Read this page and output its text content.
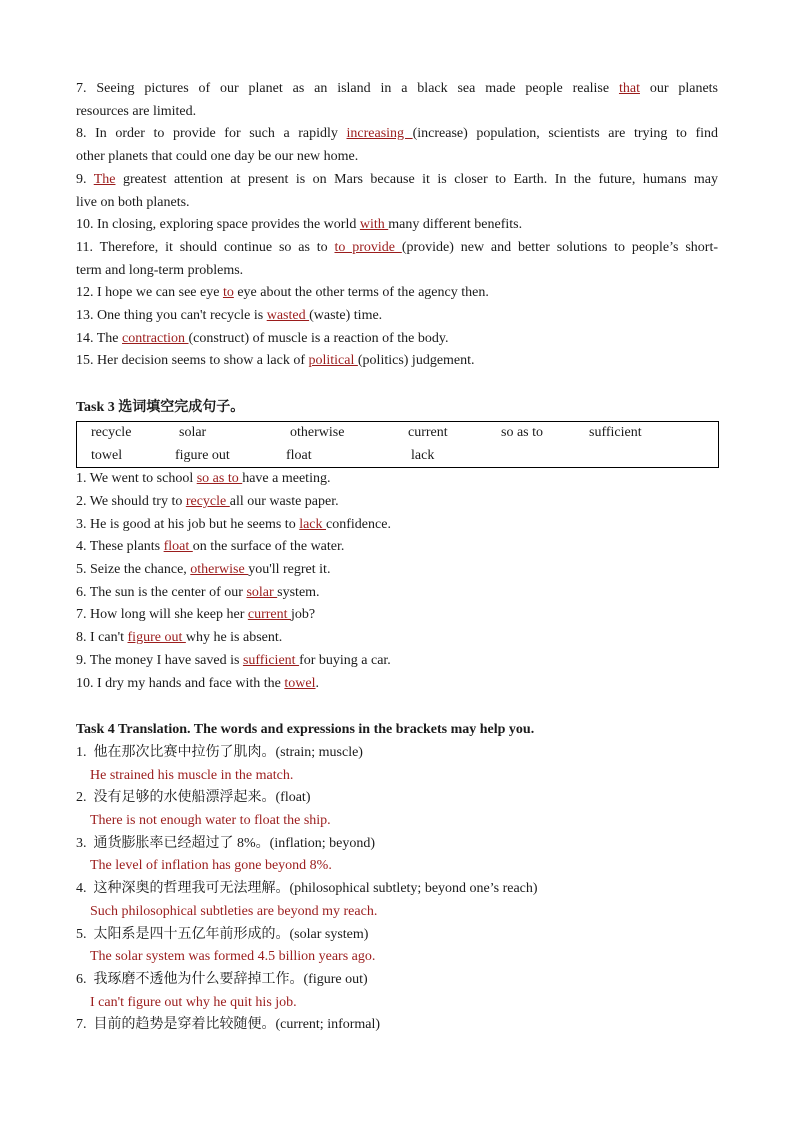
7. Seeing pictures of our planet as an island in a black sea made people realise that our planets
resources are limited.
8. In order to provide for such a rapidly increasing (increase) population, scientists are trying to find
other planets that could one day be our new home.
9. The greatest attention at present is on Mars because it is closer to Earth. In the future, humans may
live on both planets.
10. In closing, exploring space provides the world with many different benefits.
11. Therefore, it should continue so as to to provide (provide) new and better solutions to people’s short-
term and long-term problems.
12. I hope we can see eye to eye about the other terms of the agency then.
13. One thing you can't recycle is wasted (waste) time.
14. The contraction (construct) of muscle is a reaction of the body.
15. Her decision seems to show a lack of political (politics) judgement.
Task 3 选词填空完成句子。
recycle	solar	otherwise	current	so as to	sufficient
towel	figure out	float	lack
1. We went to school so as to have a meeting.
2. We should try to recycle all our waste paper.
3. He is good at his job but he seems to lack confidence.
4. These plants float on the surface of the water.
5. Seize the chance, otherwise you'll regret it.
6. The sun is the center of our solar system.
7. How long will she keep her current job?
8. I can't figure out why he is absent.
9. The money I have saved is sufficient for buying a car.
10. I dry my hands and face with the towel.
Task 4 Translation. The words and expressions in the brackets may help you.
1. 他在那次比赛中拉伤了肌肉。(strain; muscle)
He strained his muscle in the match.
2. 没有足够的水使船漂浮起来。(float)
There is not enough water to float the ship.
3. 通货膨胀率已经超过了 8%。(inflation; beyond)
The level of inflation has gone beyond 8%.
4. 这种深奥的哲理我可无法理解。(philosophical subtlety; beyond one’s reach)
Such philosophical subtleties are beyond my reach.
5. 太阳系是四十五亿年前形成的。(solar system)
The solar system was formed 4.5 billion years ago.
6. 我琢磨不透他为什么要辞掉工作。(figure out)
I can't figure out why he quit his job.
7. 目前的趋势是穿着比较随便。(current; informal)
